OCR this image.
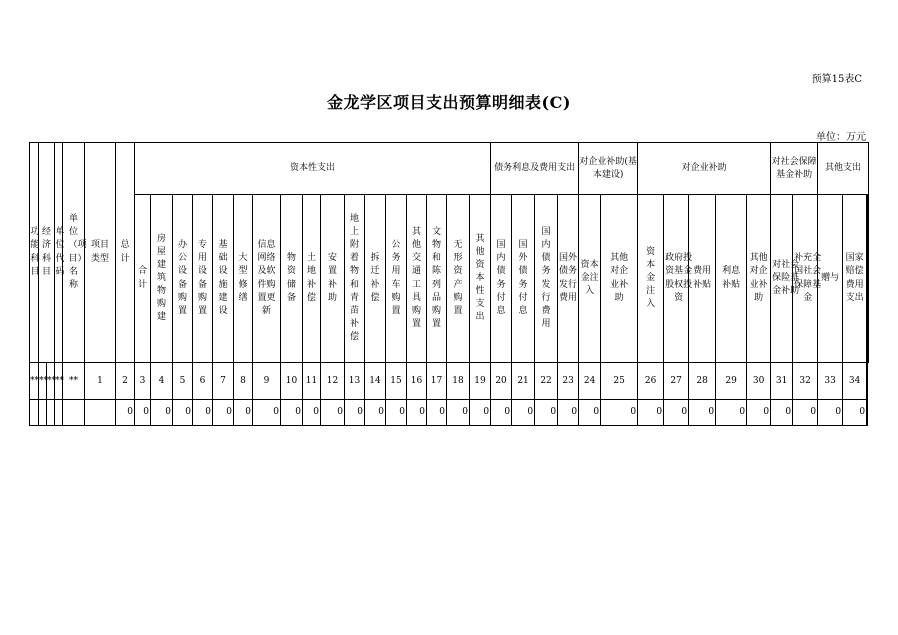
预算15表C
金龙学区项目支出预算明细表(C)
单位：万元
功能科目	经济科目		单位代码	单位（项目）名称	项目类型	总计	资本性支出																	债务利息及费用支出				对企业补助(基本建设)		对企业补助					对社会保障基金补助		其他支出		
							合计	房屋建筑物购建	办公设备购置	专用设备购置	基础设施建设	大型修缮	信息网络及软件购置更新	物资储备	土地补偿	安置补助	地上附着物和青苗补偿	拆迁补偿	公务用车购置	其他交通工具购置	文物和陈列品购置	无形资产购置	其他资本性支出	国内债务付息	国外债务付息	国内债务发行费用	国外债务发行费用	资本金注入	其他对企业补助	资本金注入	政府投资基金股权投资	费用补贴	利息补贴	其他对企业补助	对社会保险基金补助	补充全国社会保障基金	赠与	国家赔偿费用支出		
**	**	**	**	**	1	2	3	4	5	6	7	8	9	10	11	12	13	14	15	16	17	18	19	20	21	22	23	24	25	26	27	28	29	30	31	32	33	34	
						0	0	0	0	0	0	0	0	0	0	0	0	0	0	0	0	0	0	0	0	0	0	0	0	0	0	0	0	0	0	0	0	0	
